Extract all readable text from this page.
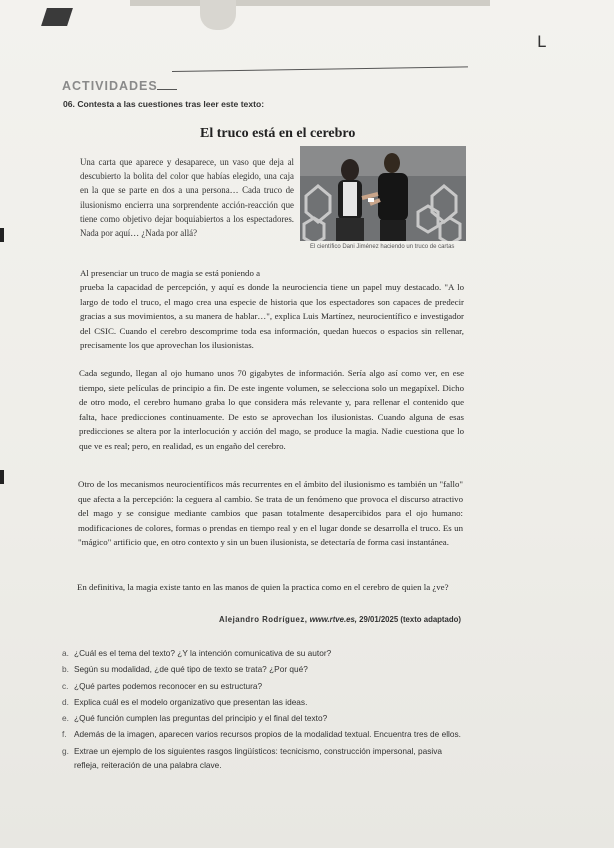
L
ACTIVIDADES
06. Contesta a las cuestiones tras leer este texto:
El truco está en el cerebro
Una carta que aparece y desaparece, un vaso que deja al descubierto la bolita del color que habías elegido, una caja en la que se parte en dos a una persona… Cada truco de ilusionismo encierra una sorprendente acción-reacción que tiene como objetivo dejar boquiabiertos a los espectadores. Nada por aquí… ¿Nada por allá?
El científico Dani Jiménez haciendo un truco de cartas
Al presenciar un truco de magia se está poniendo a
prueba la capacidad de percepción, y aquí es donde la neurociencia tiene un papel muy destacado. "A lo largo de todo el truco, el mago crea una especie de historia que los espectadores son capaces de predecir gracias a sus movimientos, a su manera de hablar…", explica Luis Martínez, neurocientífico e investigador del CSIC. Cuando el cerebro descomprime toda esa información, quedan huecos o espacios sin rellenar, precisamente los que aprovechan los ilusionistas.
Cada segundo, llegan al ojo humano unos 70 gigabytes de información. Sería algo así como ver, en ese tiempo, siete películas de principio a fin. De este ingente volumen, se selecciona solo un megapíxel. Dicho de otro modo, el cerebro humano graba lo que considera más relevante y, para rellenar el contenido que falta, hace predicciones continuamente. De esto se aprovechan los ilusionistas. Cuando alguna de esas predicciones se altera por la interlocución y acción del mago, se produce la magia. Nadie cuestiona que lo que ve es real; pero, en realidad, es un engaño del cerebro.
Otro de los mecanismos neurocientíficos más recurrentes en el ámbito del ilusionismo es también un "fallo" que afecta a la percepción: la ceguera al cambio. Se trata de un fenómeno que provoca el discurso atractivo del mago y se consigue mediante cambios que pasan totalmente desapercibidos para el ojo humano: modificaciones de colores, formas o prendas en tiempo real y en el lugar donde se desarrolla el truco. Es un "mágico" artificio que, en otro contexto y sin un buen ilusionista, se detectaría de forma casi instantánea.
En definitiva, la magia existe tanto en las manos de quien la practica como en el cerebro de quien la ¿ve?
Alejandro Rodríguez, www.rtve.es, 29/01/2025 (texto adaptado)
a. ¿Cuál es el tema del texto? ¿Y la intención comunicativa de su autor?
b. Según su modalidad, ¿de qué tipo de texto se trata? ¿Por qué?
c. ¿Qué partes podemos reconocer en su estructura?
d. Explica cuál es el modelo organizativo que presentan las ideas.
e. ¿Qué función cumplen las preguntas del principio y el final del texto?
f. Además de la imagen, aparecen varios recursos propios de la modalidad textual. Encuentra tres de ellos.
g. Extrae un ejemplo de los siguientes rasgos lingüísticos: tecnicismo, construcción impersonal, pasiva refleja, reiteración de una palabra clave.
